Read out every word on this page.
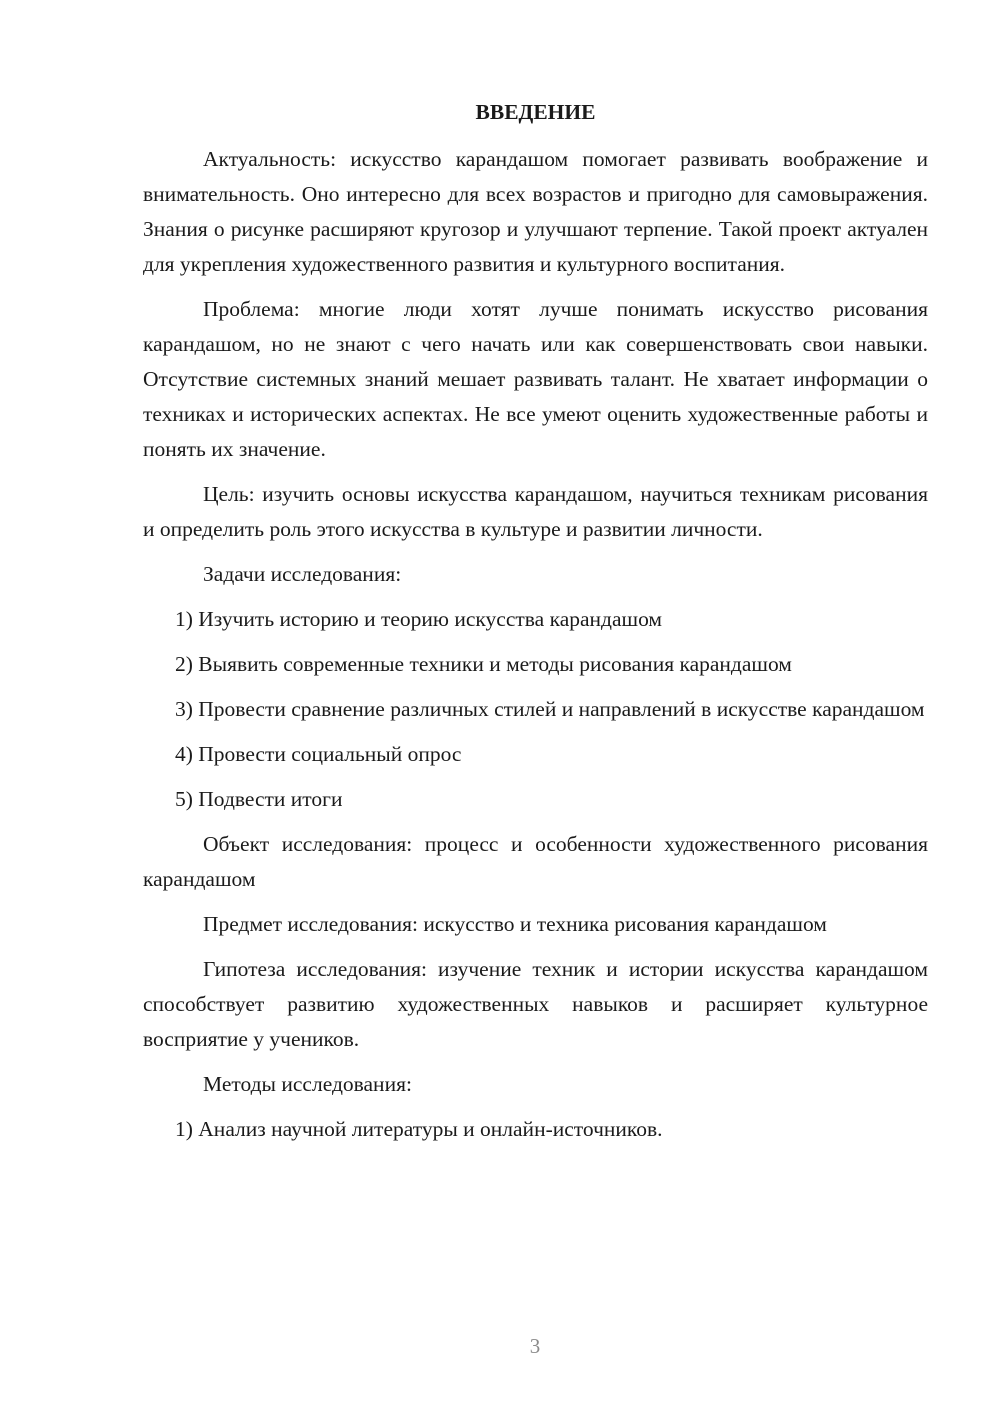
ВВЕДЕНИЕ

Актуальность: искусство карандашом помогает развивать воображение и внимательность. Оно интересно для всех возрастов и пригодно для самовыражения. Знания о рисунке расширяют кругозор и улучшают терпение. Такой проект актуален для укрепления художественного развития и культурного воспитания.

Проблема: многие люди хотят лучше понимать искусство рисования карандашом, но не знают с чего начать или как совершенствовать свои навыки. Отсутствие системных знаний мешает развивать талант. Не хватает информации о техниках и исторических аспектах. Не все умеют оценить художественные работы и понять их значение.

Цель: изучить основы искусства карандашом, научиться техникам рисования и определить роль этого искусства в культуре и развитии личности.

Задачи исследования:

1) Изучить историю и теорию искусства карандашом

2) Выявить современные техники и методы рисования карандашом

3) Провести сравнение различных стилей и направлений в искусстве карандашом

4) Провести социальный опрос

5) Подвести итоги

Объект исследования: процесс и особенности художественного рисования карандашом

Предмет исследования: искусство и техника рисования карандашом

Гипотеза исследования: изучение техник и истории искусства карандашом способствует развитию художественных навыков и расширяет культурное восприятие у учеников.

Методы исследования:

1) Анализ научной литературы и онлайн-источников.

3
